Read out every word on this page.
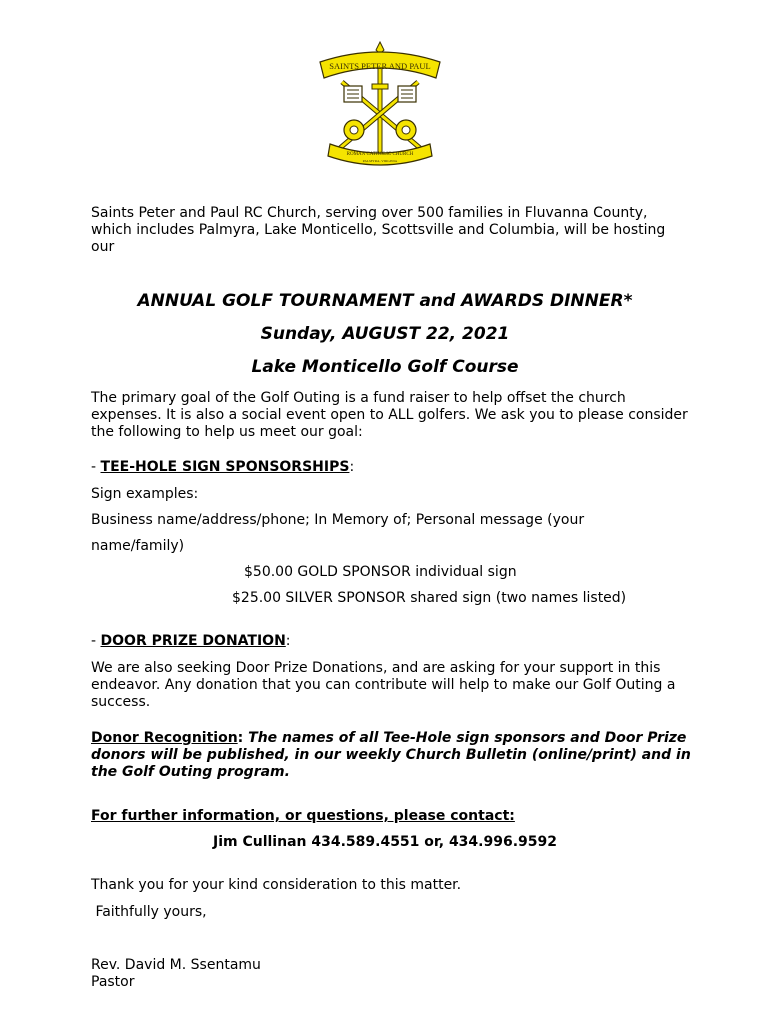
SAINTS PETER AND PAUL
ROMAN CATHOLIC CHURCH
PALMYRA, VIRGINIA

Saints Peter and Paul RC Church, serving over 500 families in Fluvanna County, which includes Palmyra, Lake Monticello, Scottsville and Columbia, will be hosting our

ANNUAL GOLF TOURNAMENT and AWARDS DINNER*

Sunday, AUGUST 22, 2021

Lake Monticello Golf Course

The primary goal of the Golf Outing is a fund raiser to help offset the church expenses. It is also a social event open to ALL golfers. We ask you to please consider the following to help us meet our goal:

- TEE-HOLE SIGN SPONSORSHIPS:

Sign examples:

Business name/address/phone; In Memory of; Personal message (your

name/family)

$50.00 GOLD SPONSOR individual sign

$25.00 SILVER SPONSOR shared sign (two names listed)

- DOOR PRIZE DONATION:

We are also seeking Door Prize Donations, and are asking for your support in this endeavor. Any donation that you can contribute will help to make our Golf Outing a success.

Donor Recognition: The names of all Tee-Hole sign sponsors and Door Prize donors will be published, in our weekly Church Bulletin (online/print) and in the Golf Outing program.

For further information, or questions, please contact:

Jim Cullinan 434.589.4551 or, 434.996.9592

Thank you for your kind consideration to this matter.

Faithfully yours,

Rev. David M. Ssentamu

Pastor
